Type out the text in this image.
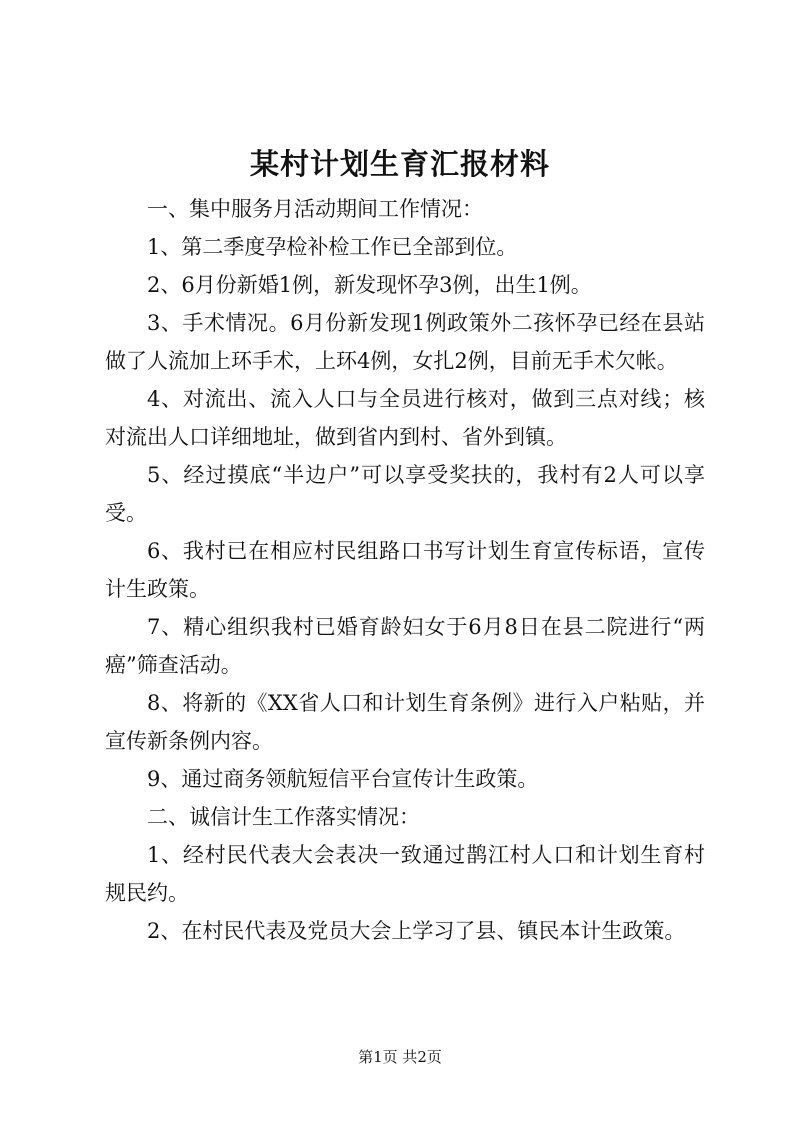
某村计划生育汇报材料

一、集中服务月活动期间工作情况：

1、第二季度孕检补检工作已全部到位。

2、6月份新婚1例，新发现怀孕3例，出生1例。

3、手术情况。6月份新发现1例政策外二孩怀孕已经在县站做了人流加上环手术，上环4例，女扎2例，目前无手术欠帐。

4、对流出、流入人口与全员进行核对，做到三点对线；核对流出人口详细地址，做到省内到村、省外到镇。

5、经过摸底“半边户”可以享受奖扶的，我村有2人可以享受。

6、我村已在相应村民组路口书写计划生育宣传标语，宣传计生政策。

7、精心组织我村已婚育龄妇女于6月8日在县二院进行“两癌”筛查活动。

8、将新的《XX省人口和计划生育条例》进行入户粘贴，并宣传新条例内容。

9、通过商务领航短信平台宣传计生政策。

二、诚信计生工作落实情况：

1、经村民代表大会表决一致通过鹊江村人口和计划生育村规民约。

2、在村民代表及党员大会上学习了县、镇民本计生政策。

第1页 共2页
